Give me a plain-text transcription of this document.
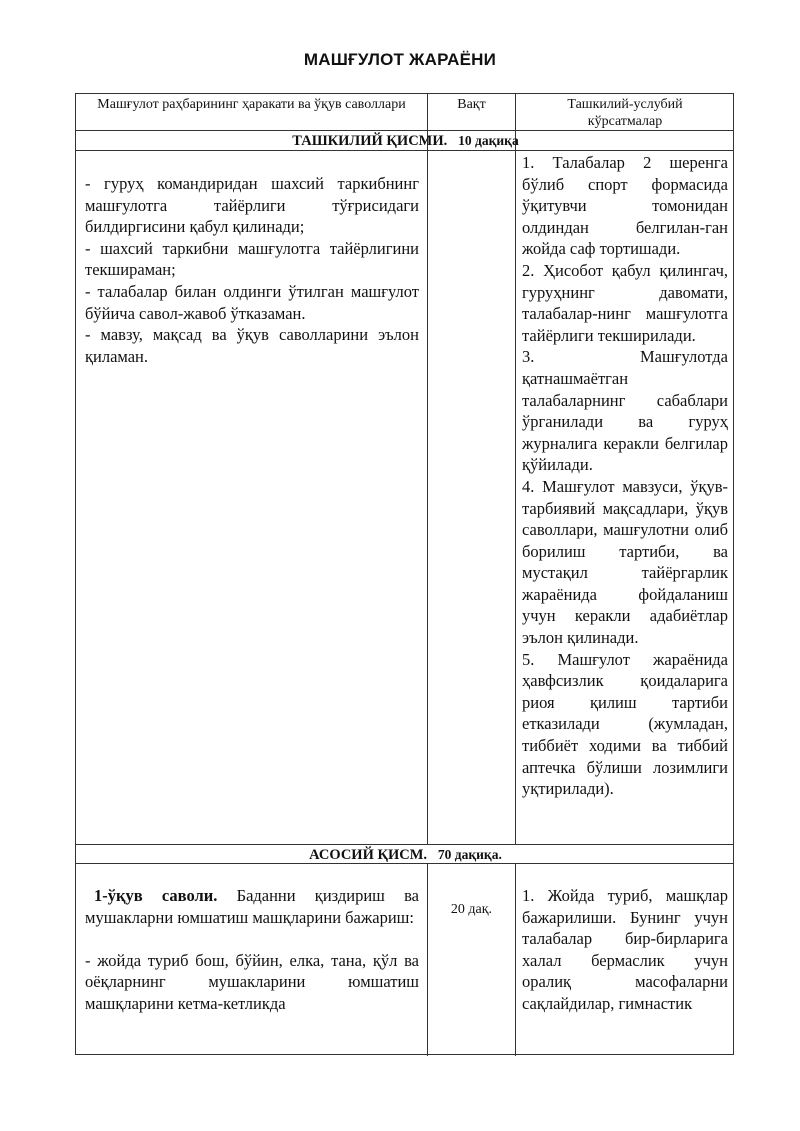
МАШҒУЛОТ ЖАРАЁНИ
Машғулот раҳбарининг ҳаракати ва ўқув саволлари	Вақт	Ташкилий-услубий кўрсатмалар
ТАШКИЛИЙ ҚИСМИ. 10 дақиқа

- гуруҳ командиридан шахсий таркибнинг машғулотга тайёрлиги тўғрисидаги билдиргисини қабул қилинади;

- шахсий таркибни машғулотга тайёрлигини текшираман;

- талабалар билан олдинги ўтилган машғулот бўйича савол-жавоб ўтказаман.

- мавзу, мақсад ва ўқув саволларини эълон қиламан.

1. Талабалар 2 шеренга бўлиб спорт формасида ўқитувчи томонидан олдиндан белгилан-ган жойда саф тортишади.

2. Ҳисобот қабул қилингач, гуруҳнинг давомати, талабалар-нинг машғулотга тайёрлиги текширилади.

3. Машғулотда қатнашмаётган талабаларнинг сабаблари ўрганилади ва гуруҳ журналига керакли белгилар қўйилади.

4. Машғулот мавзуси, ўқув-тарбиявий мақсадлари, ўқув саволлари, машғулотни олиб борилиш тартиби, ва мустақил тайёргарлик жараёнида фойдаланиш учун керакли адабиётлар эълон қилинади.

5. Машғулот жараёнида ҳавфсизлик қоидаларига риоя қилиш тартиби етказилади (жумладан, тиббиёт ходими ва тиббий аптечка бўлиши лозимлиги уқтирилади).

АСОСИЙ ҚИСМ. 70 дақиқа.

1-ўқув саволи. Баданни қиздириш ва мушакларни юмшатиш машқларини бажариш:

- жойда туриб бош, бўйин, елка, тана, қўл ва оёқларнинг мушакларини юмшатиш машқларини кетма-кетликда

20 дақ.

1. Жойда туриб, машқлар бажарилиши. Бунинг учун талабалар бир-бирларига халал бермаслик учун оралиқ масофаларни сақлайдилар, гимнастик
